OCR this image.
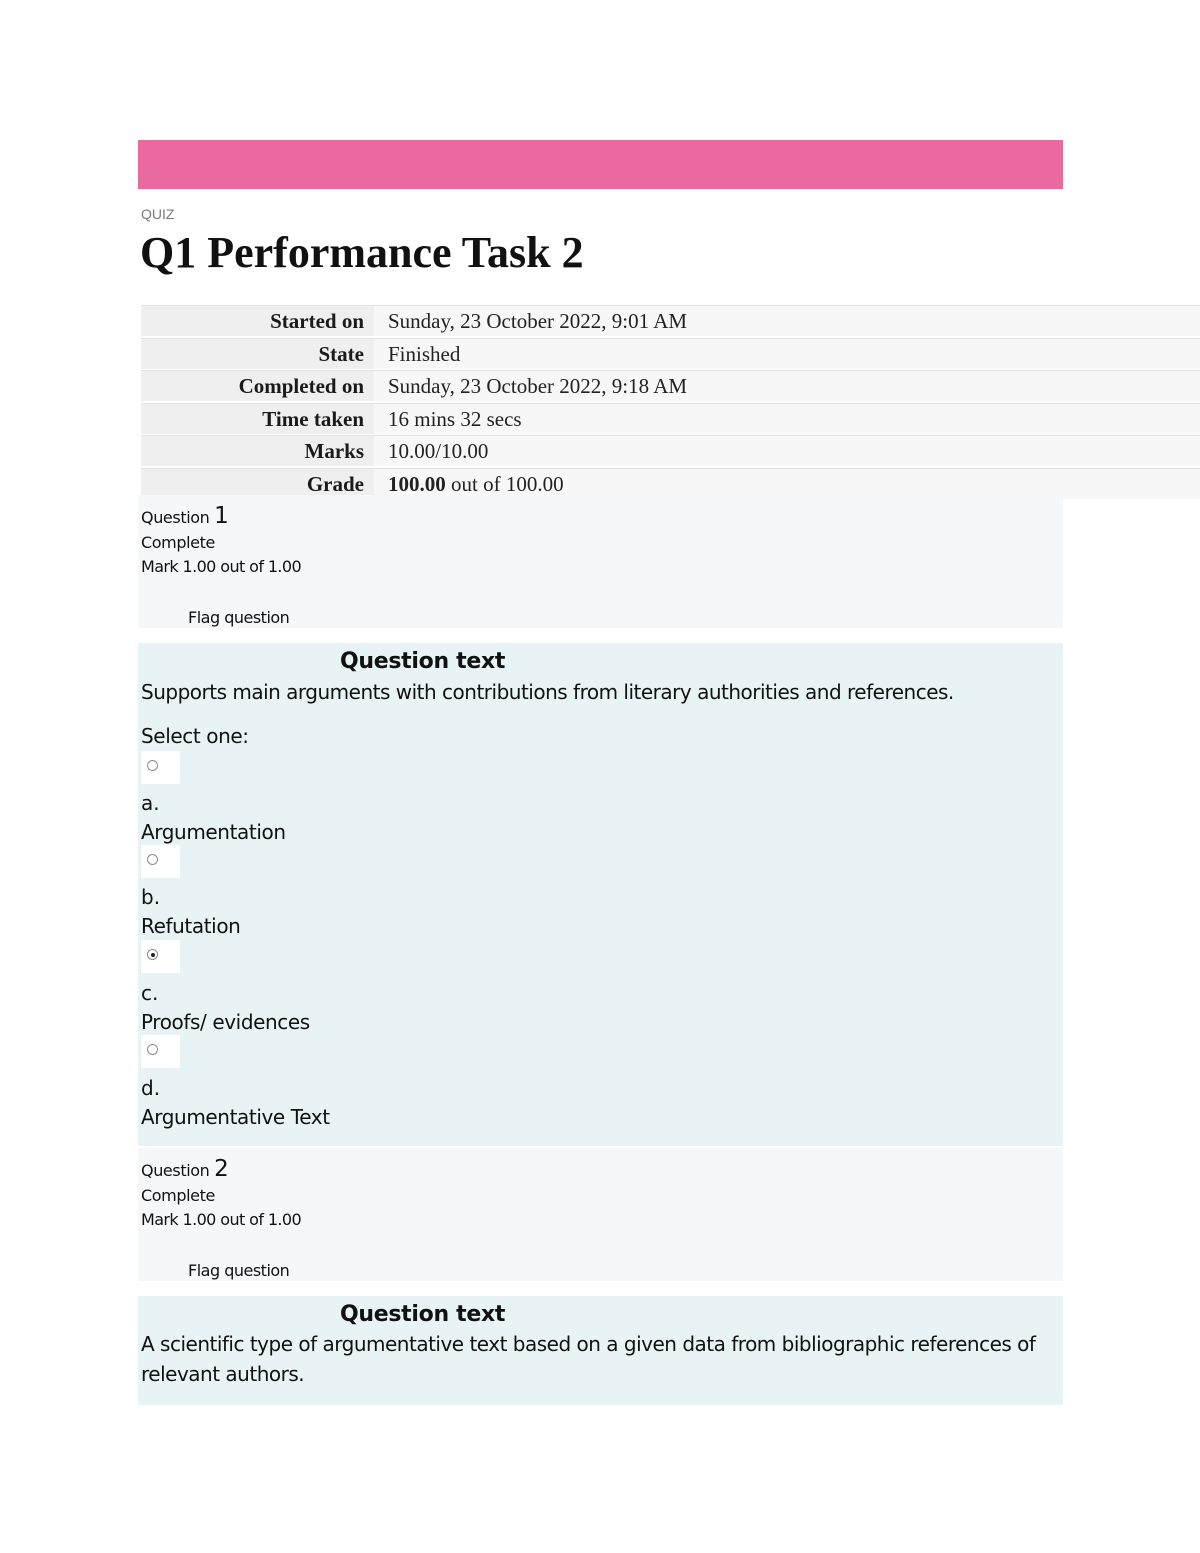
QUIZ
Q1 Performance Task 2
Started on	Sunday, 23 October 2022, 9:01 AM
State	Finished
Completed on	Sunday, 23 October 2022, 9:18 AM
Time taken	16 mins 32 secs
Marks	10.00/10.00
Grade	100.00 out of 100.00
Question 1
Complete
Mark 1.00 out of 1.00
Flag question
Question text
Supports main arguments with contributions from literary authorities and references.
Select one:
a.
Argumentation
b.
Refutation
c.
Proofs/ evidences
d.
Argumentative Text
Question 2
Complete
Mark 1.00 out of 1.00
Flag question
Question text
A scientific type of argumentative text based on a given data from bibliographic references of relevant authors.
